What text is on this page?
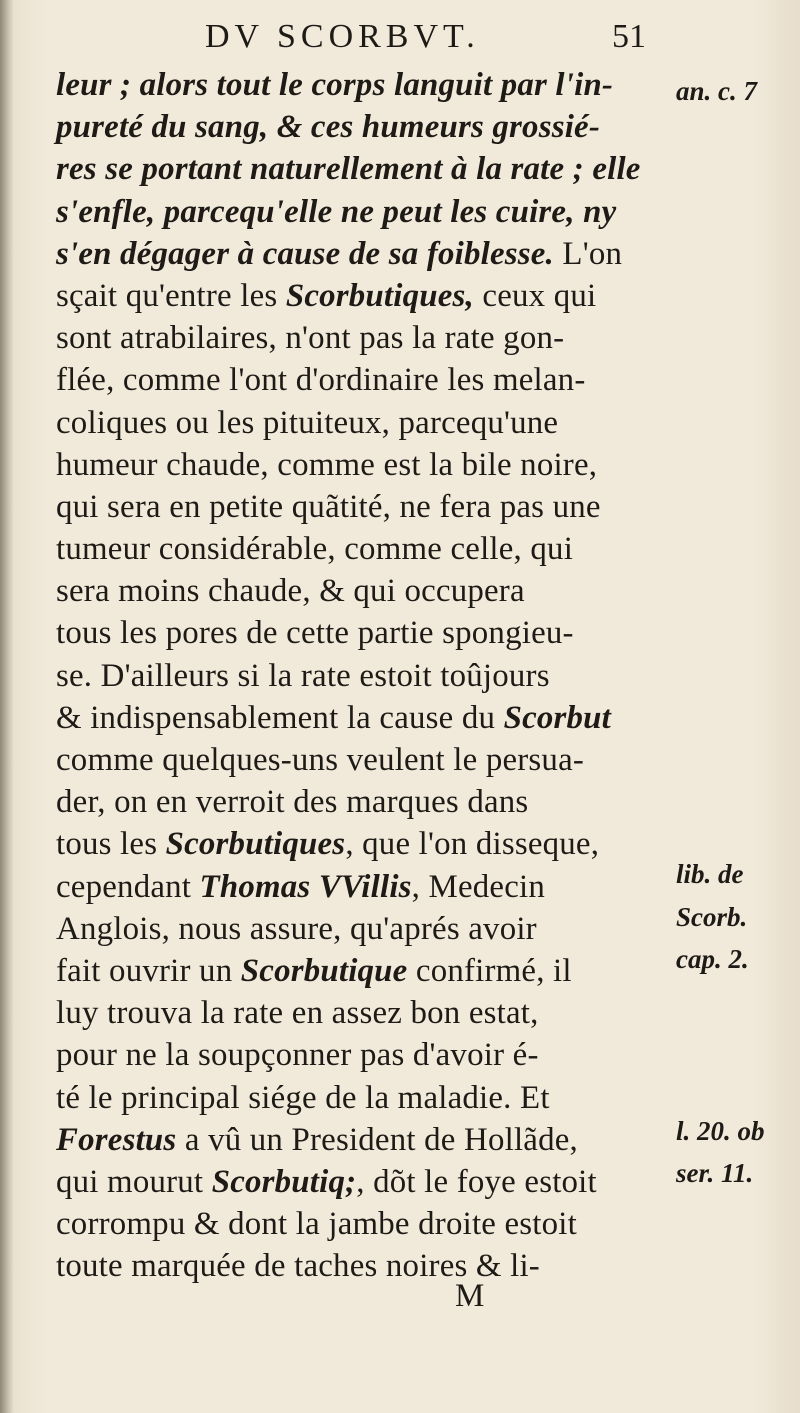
DV SCORBVT.	51
leur ; alors tout le corps languit par l'in-
pureté du sang, & ces humeurs grossié-
res se portant naturellement à la rate ; elle
s'enfle, parcequ'elle ne peut les cuire, ny
s'en dégager à cause de sa foiblesse. L'on
sçait qu'entre les Scorbutiques, ceux qui
sont atrabilaires, n'ont pas la rate gon-
flée, comme l'ont d'ordinaire les melan-
coliques ou les pituiteux, parcequ'une
humeur chaude, comme est la bile noire,
qui sera en petite quãtité, ne fera pas une
tumeur considérable, comme celle, qui
sera moins chaude, & qui occupera
tous les pores de cette partie spongieu-
se. D'ailleurs si la rate estoit toûjours
& indispensablement la cause du Scorbut
comme quelques-uns veulent le persua-
der, on en verroit des marques dans
tous les Scorbutiques, que l'on disseque,
cependant Thomas VVillis, Medecin
Anglois, nous assure, qu'aprés avoir
fait ouvrir un Scorbutique confirmé, il
luy trouva la rate en assez bon estat,
pour ne la soupçonner pas d'avoir é-
té le principal siége de la maladie. Et
Forestus a vû un President de Hollãde,
qui mourut Scorbutiq;, dõt le foye estoit
corrompu & dont la jambe droite estoit
toute marquée de taches noires & li-
an. c. 7
lib. de
Scorb.
cap. 2.
l. 20. ob
ser. 11.
M
